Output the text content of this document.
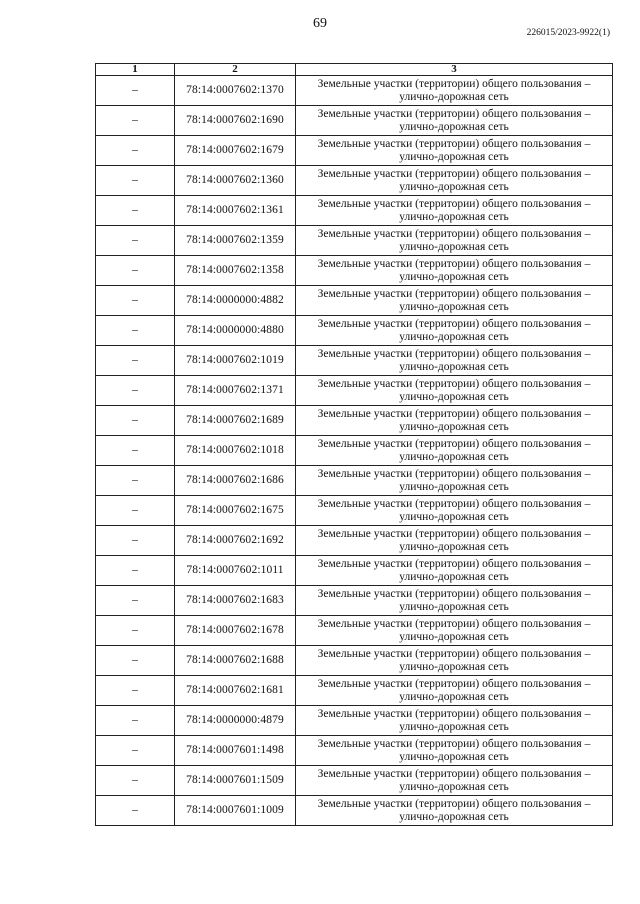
69
226015/2023-9922(1)
1	2	3
–	78:14:0007602:1370	Земельные участки (территории) общего пользования –
улично-дорожная сеть

–	78:14:0007602:1690	Земельные участки (территории) общего пользования –
улично-дорожная сеть

–	78:14:0007602:1679	Земельные участки (территории) общего пользования –
улично-дорожная сеть

–	78:14:0007602:1360	Земельные участки (территории) общего пользования –
улично-дорожная сеть

–	78:14:0007602:1361	Земельные участки (территории) общего пользования –
улично-дорожная сеть

–	78:14:0007602:1359	Земельные участки (территории) общего пользования –
улично-дорожная сеть

–	78:14:0007602:1358	Земельные участки (территории) общего пользования –
улично-дорожная сеть

–	78:14:0000000:4882	Земельные участки (территории) общего пользования –
улично-дорожная сеть

–	78:14:0000000:4880	Земельные участки (территории) общего пользования –
улично-дорожная сеть

–	78:14:0007602:1019	Земельные участки (территории) общего пользования –
улично-дорожная сеть

–	78:14:0007602:1371	Земельные участки (территории) общего пользования –
улично-дорожная сеть

–	78:14:0007602:1689	Земельные участки (территории) общего пользования –
улично-дорожная сеть

–	78:14:0007602:1018	Земельные участки (территории) общего пользования –
улично-дорожная сеть

–	78:14:0007602:1686	Земельные участки (территории) общего пользования –
улично-дорожная сеть

–	78:14:0007602:1675	Земельные участки (территории) общего пользования –
улично-дорожная сеть

–	78:14:0007602:1692	Земельные участки (территории) общего пользования –
улично-дорожная сеть

–	78:14:0007602:1011	Земельные участки (территории) общего пользования –
улично-дорожная сеть

–	78:14:0007602:1683	Земельные участки (территории) общего пользования –
улично-дорожная сеть

–	78:14:0007602:1678	Земельные участки (территории) общего пользования –
улично-дорожная сеть

–	78:14:0007602:1688	Земельные участки (территории) общего пользования –
улично-дорожная сеть

–	78:14:0007602:1681	Земельные участки (территории) общего пользования –
улично-дорожная сеть

–	78:14:0000000:4879	Земельные участки (территории) общего пользования –
улично-дорожная сеть

–	78:14:0007601:1498	Земельные участки (территории) общего пользования –
улично-дорожная сеть

–	78:14:0007601:1509	Земельные участки (территории) общего пользования –
улично-дорожная сеть

–	78:14:0007601:1009	Земельные участки (территории) общего пользования –
улично-дорожная сеть
